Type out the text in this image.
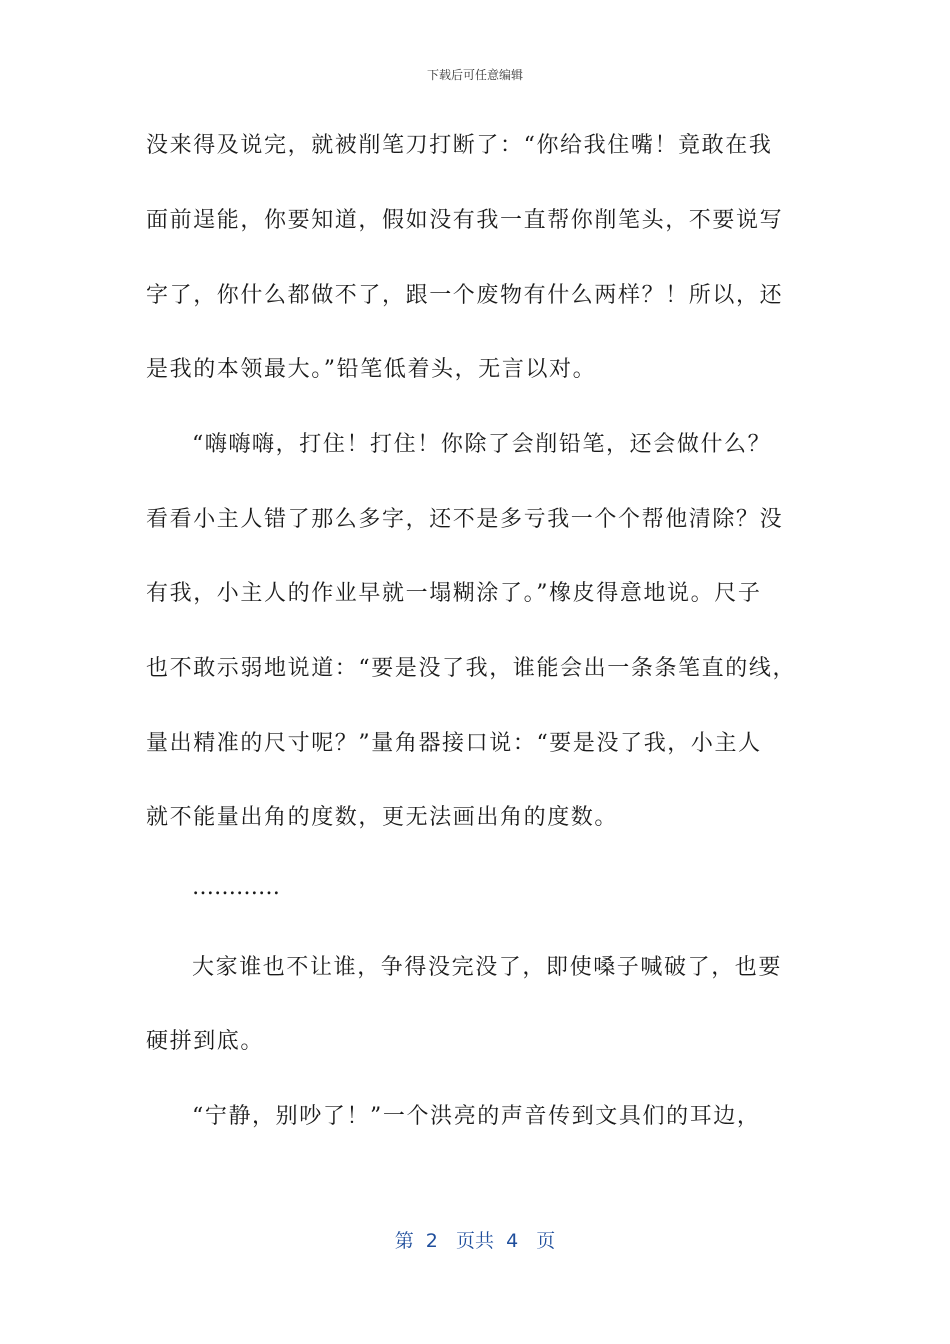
下载后可任意编辑
没来得及说完，就被削笔刀打断了：“你给我住嘴！竟敢在我
面前逞能，你要知道，假如没有我一直帮你削笔头，不要说写
字了，你什么都做不了，跟一个废物有什么两样？！所以，还
是我的本领最大。”铅笔低着头，无言以对。
“嗨嗨嗨，打住！打住！你除了会削铅笔，还会做什么？
看看小主人错了那么多字，还不是多亏我一个个帮他清除？没
有我，小主人的作业早就一塌糊涂了。”橡皮得意地说。尺子
也不敢示弱地说道：“要是没了我，谁能会出一条条笔直的线，
量出精准的尺寸呢？”量角器接口说：“要是没了我，小主人
就不能量出角的度数，更无法画出角的度数。
…………
大家谁也不让谁，争得没完没了，即使嗓子喊破了，也要
硬拼到底。
“宁静，别吵了！”一个洪亮的声音传到文具们的耳边，
第  2   页共  4   页
